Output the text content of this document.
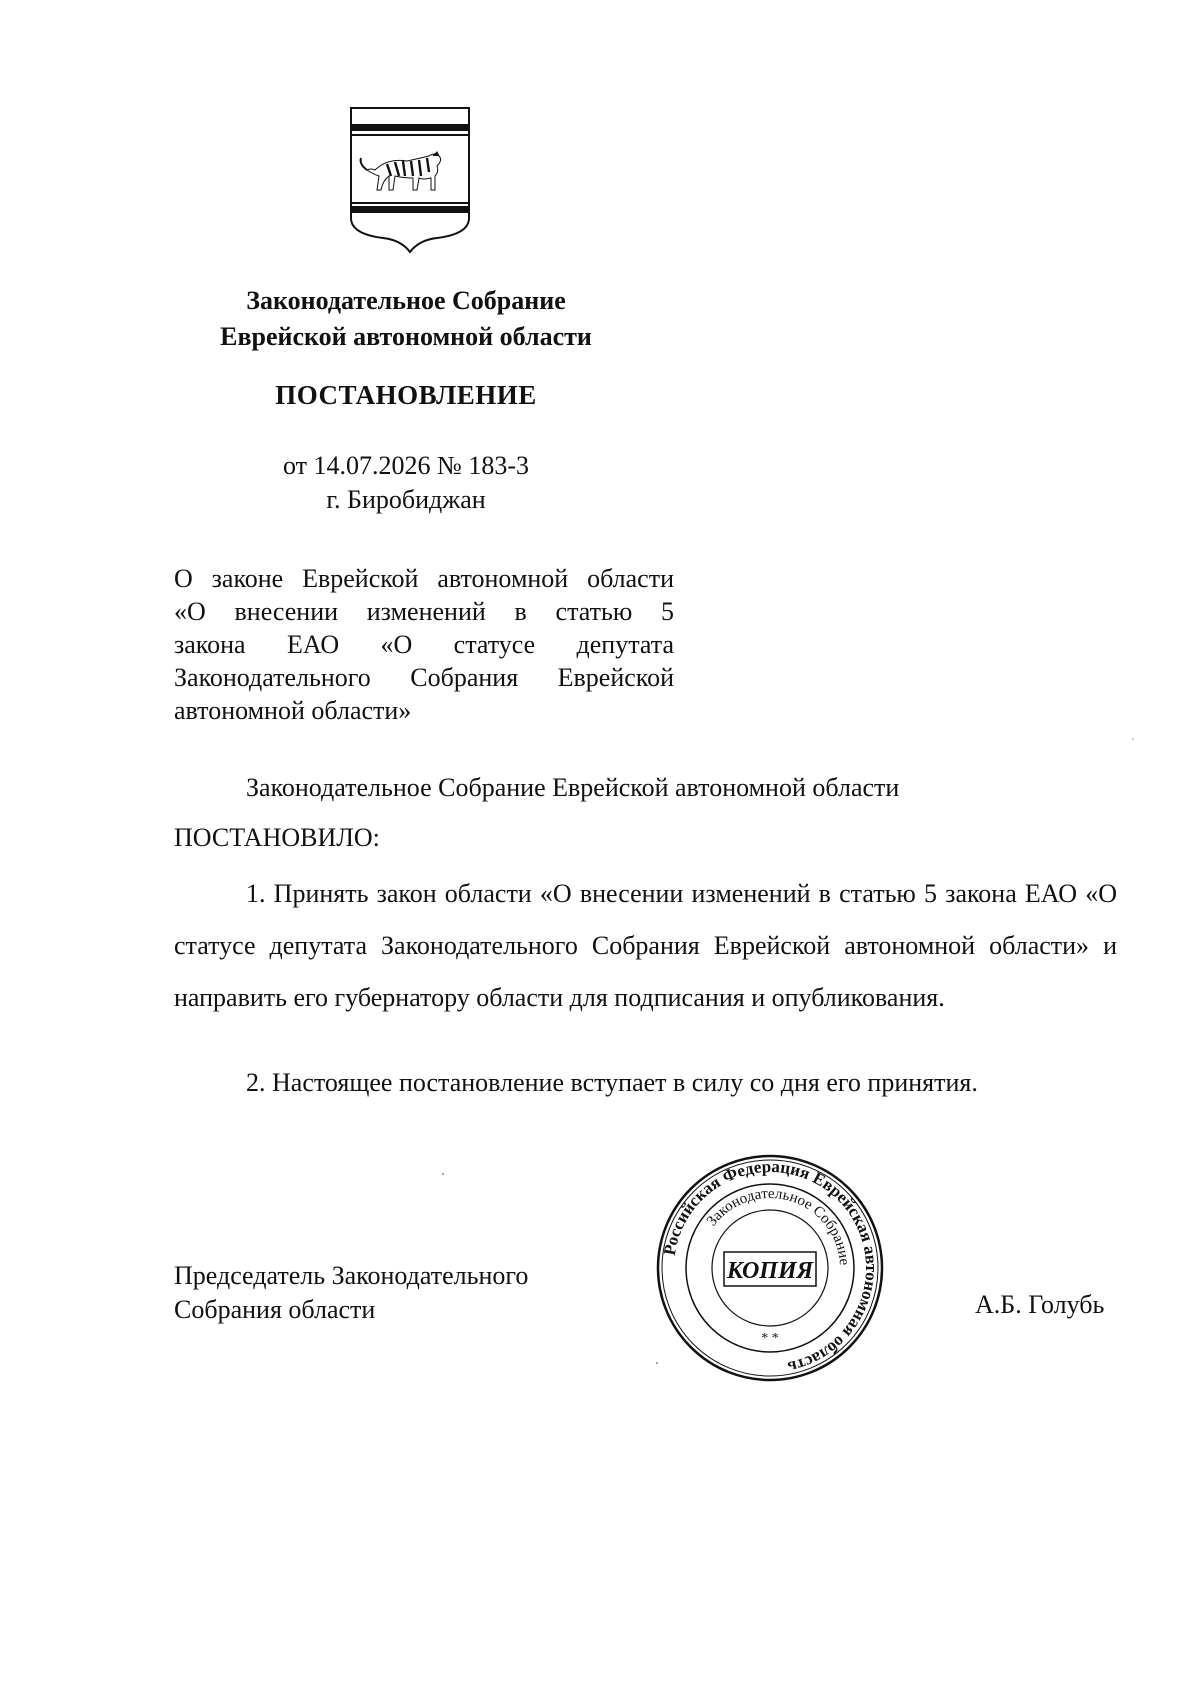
Законодательное Собрание
Еврейской автономной области
ПОСТАНОВЛЕНИЕ
от 14.07.2026 № 183-3
г. Биробиджан

О законе Еврейской автономной области

«О внесении изменений в статью 5

закона ЕАО «О статусе депутата

Законодательного Собрания Еврейской

автономной области»

Законодательное Собрание Еврейской автономной области
ПОСТАНОВИЛО:

1. Принять закон области «О внесении изменений в статью 5 закона ЕАО «О статусе депутата Законодательного Собрания Еврейской автономной области» и направить его губернатору области для подписания и опубликования.

2. Настоящее постановление вступает в силу со дня его принятия.
Председатель Законодательного
Собрания области	А.Б. Голубь
Российская Федерация Еврейская автономная область
Законодательное Собрание
КОПИЯ
* *
